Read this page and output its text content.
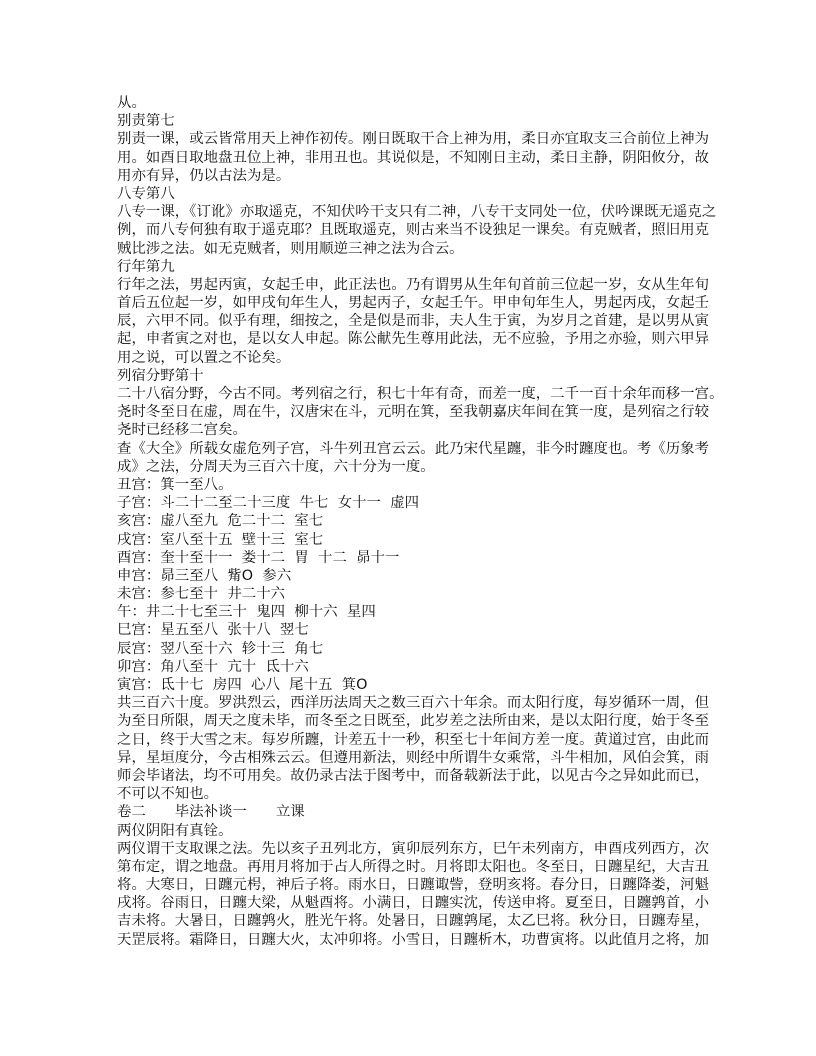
从。
别责第七
别责一课，或云皆常用天上神作初传。刚日既取干合上神为用，柔日亦宜取支三合前位上神为
用。如酉日取地盘丑位上神，非用丑也。其说似是，不知刚日主动，柔日主静，阴阳攸分，故
用亦有异，仍以古法为是。
八专第八
八专一课，《订讹》亦取遥克，不知伏吟干支只有二神，八专干支同处一位，伏吟课既无遥克之
例，而八专何独有取于遥克耶？且既取遥克，则古来当不设独足一课矣。有克贼者，照旧用克
贼比涉之法。如无克贼者，则用顺逆三神之法为合云。
行年第九
行年之法，男起丙寅，女起壬申，此正法也。乃有谓男从生年旬首前三位起一岁，女从生年旬
首后五位起一岁，如甲戌旬年生人，男起丙子，女起壬午。甲申旬年生人，男起丙戌，女起壬
辰，六甲不同。似乎有理，细按之，全是似是而非，夫人生于寅，为岁月之首建，是以男从寅
起，申者寅之对也，是以女人申起。陈公献先生尊用此法，无不应验，予用之亦验，则六甲异
用之说，可以置之不论矣。
列宿分野第十
二十八宿分野，今古不同。考列宿之行，积七十年有奇，而差一度，二千一百十余年而移一宫。
尧时冬至日在虚，周在牛，汉唐宋在斗，元明在箕，至我朝嘉庆年间在箕一度，是列宿之行较
尧时已经移二宫矣。
查《大全》所载女虚危列子宫，斗牛列丑宫云云。此乃宋代星躔，非今时躔度也。考《历象考
成》之法，分周天为三百六十度，六十分为一度。
丑宫：箕一至八。
子宫：斗二十二至二十三度  牛七  女十一  虚四
亥宫：虚八至九  危二十二  室七
戌宫：室八至十五  壁十三  室七
酉宫：奎十至十一  娄十二  胃  十二  昴十一
申宫：昴三至八  觜O  参六
未宫：参七至十  井二十六
午：井二十七至三十  鬼四  柳十六  星四
巳宫：星五至八  张十八  翌七
辰宫：翌八至十六  轸十三  角七
卯宫：角八至十  亢十  氐十六
寅宫：氐十七  房四  心八  尾十五  箕O
共三百六十度。罗洪烈云，西洋历法周天之数三百六十年余。而太阳行度，每岁循环一周，但
为至日所限，周天之度未毕，而冬至之日既至，此岁差之法所由来，是以太阳行度，始于冬至
之日，终于大雪之末。每岁所躔，计差五十一秒，积至七十年间方差一度。黄道过宫，由此而
异，星垣度分，今古相殊云云。但遵用新法，则经中所谓牛女乘常，斗牛相加，风伯会箕，雨
师会毕诸法，均不可用矣。故仍录古法于图考中，而备载新法于此，以见古今之异如此而已，
不可以不知也。
卷二　　毕法补谈一　　立课
两仪阴阳有真铨。
两仪谓干支取课之法。先以亥子丑列北方，寅卯辰列东方，巳午未列南方，申酉戌列西方，次
第布定，谓之地盘。再用月将加于占人所得之时。月将即太阳也。冬至日，日躔星纪，大吉丑
将。大寒日，日躔元枵，神后子将。雨水日，日躔诹訾，登明亥将。春分日，日躔降娄，河魁
戌将。谷雨日，日躔大梁，从魁酉将。小满日，日躔实沈，传送申将。夏至日，日躔鹑首，小
吉未将。大暑日，日躔鹑火，胜光午将。处暑日，日躔鹑尾，太乙巳将。秋分日，日躔寿星，
天罡辰将。霜降日，日躔大火，太冲卯将。小雪日，日躔析木，功曹寅将。以此值月之将，加
